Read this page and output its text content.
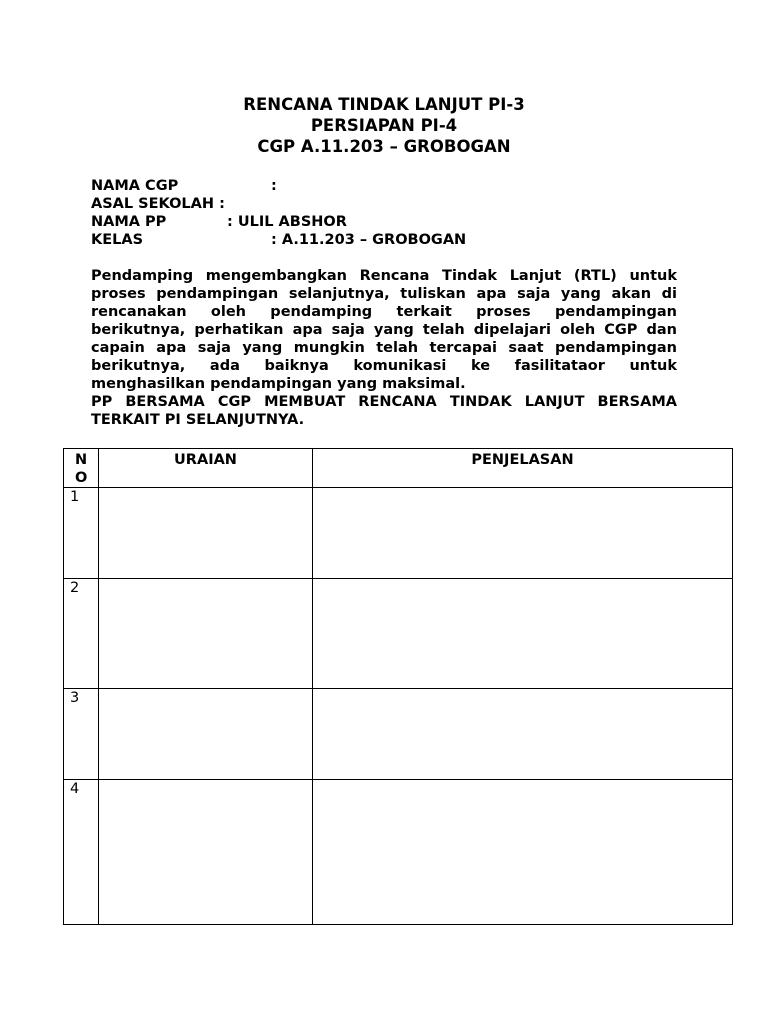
RENCANA TINDAK LANJUT PI-3
PERSIAPAN PI-4
CGP A.11.203 – GROBOGAN
NAMA CGP	:
ASAL SEKOLAH :
NAMA PP	: ULIL ABSHOR
KELAS	: A.11.203 – GROBOGAN

Pendamping mengembangkan Rencana Tindak Lanjut (RTL) untuk proses pendampingan selanjutnya, tuliskan apa saja yang akan di rencanakan oleh pendamping terkait proses pendampingan berikutnya, perhatikan apa saja yang telah dipelajari oleh CGP dan capain apa saja yang mungkin telah tercapai saat pendampingan berikutnya, ada baiknya komunikasi ke fasilitataor untuk menghasilkan pendampingan yang maksimal.

PP BERSAMA CGP MEMBUAT RENCANA TINDAK LANJUT BERSAMA TERKAIT PI SELANJUTNYA.

NO	URAIAN	PENJELASAN
1		
2		
3		
4		
